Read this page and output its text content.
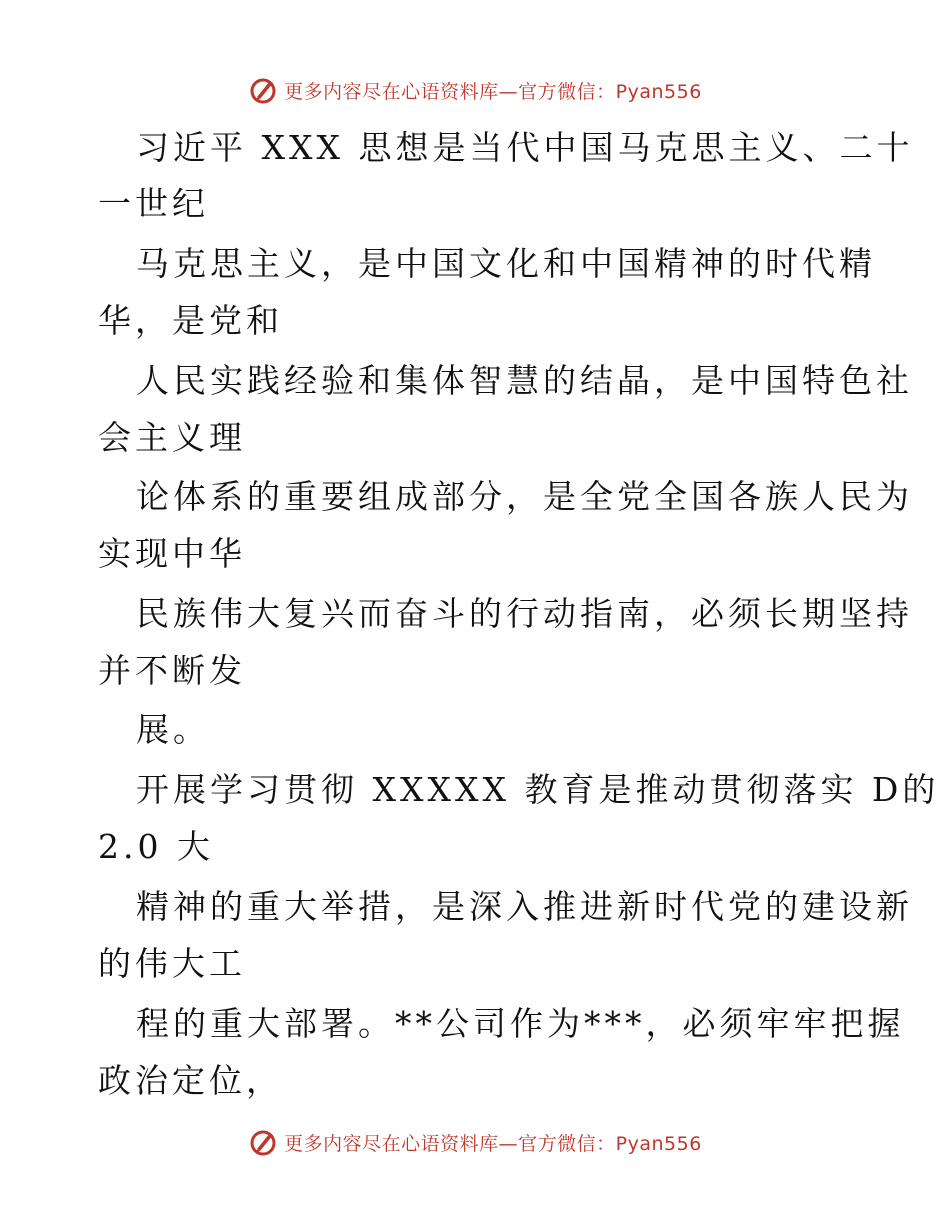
更多内容尽在心语资料库—官方微信：Pyan556
习近平 XXX 思想是当代中国马克思主义、二十
一世纪
马克思主义，是中国文化和中国精神的时代精
华，是党和
人民实践经验和集体智慧的结晶，是中国特色社
会主义理
论体系的重要组成部分，是全党全国各族人民为
实现中华
民族伟大复兴而奋斗的行动指南，必须长期坚持
并不断发
展。
开展学习贯彻 XXXXX 教育是推动贯彻落实 D的
2.0 大
精神的重大举措，是深入推进新时代党的建设新
的伟大工
程的重大部署。**公司作为***，必须牢牢把握
政治定位，
更多内容尽在心语资料库—官方微信：Pyan556
